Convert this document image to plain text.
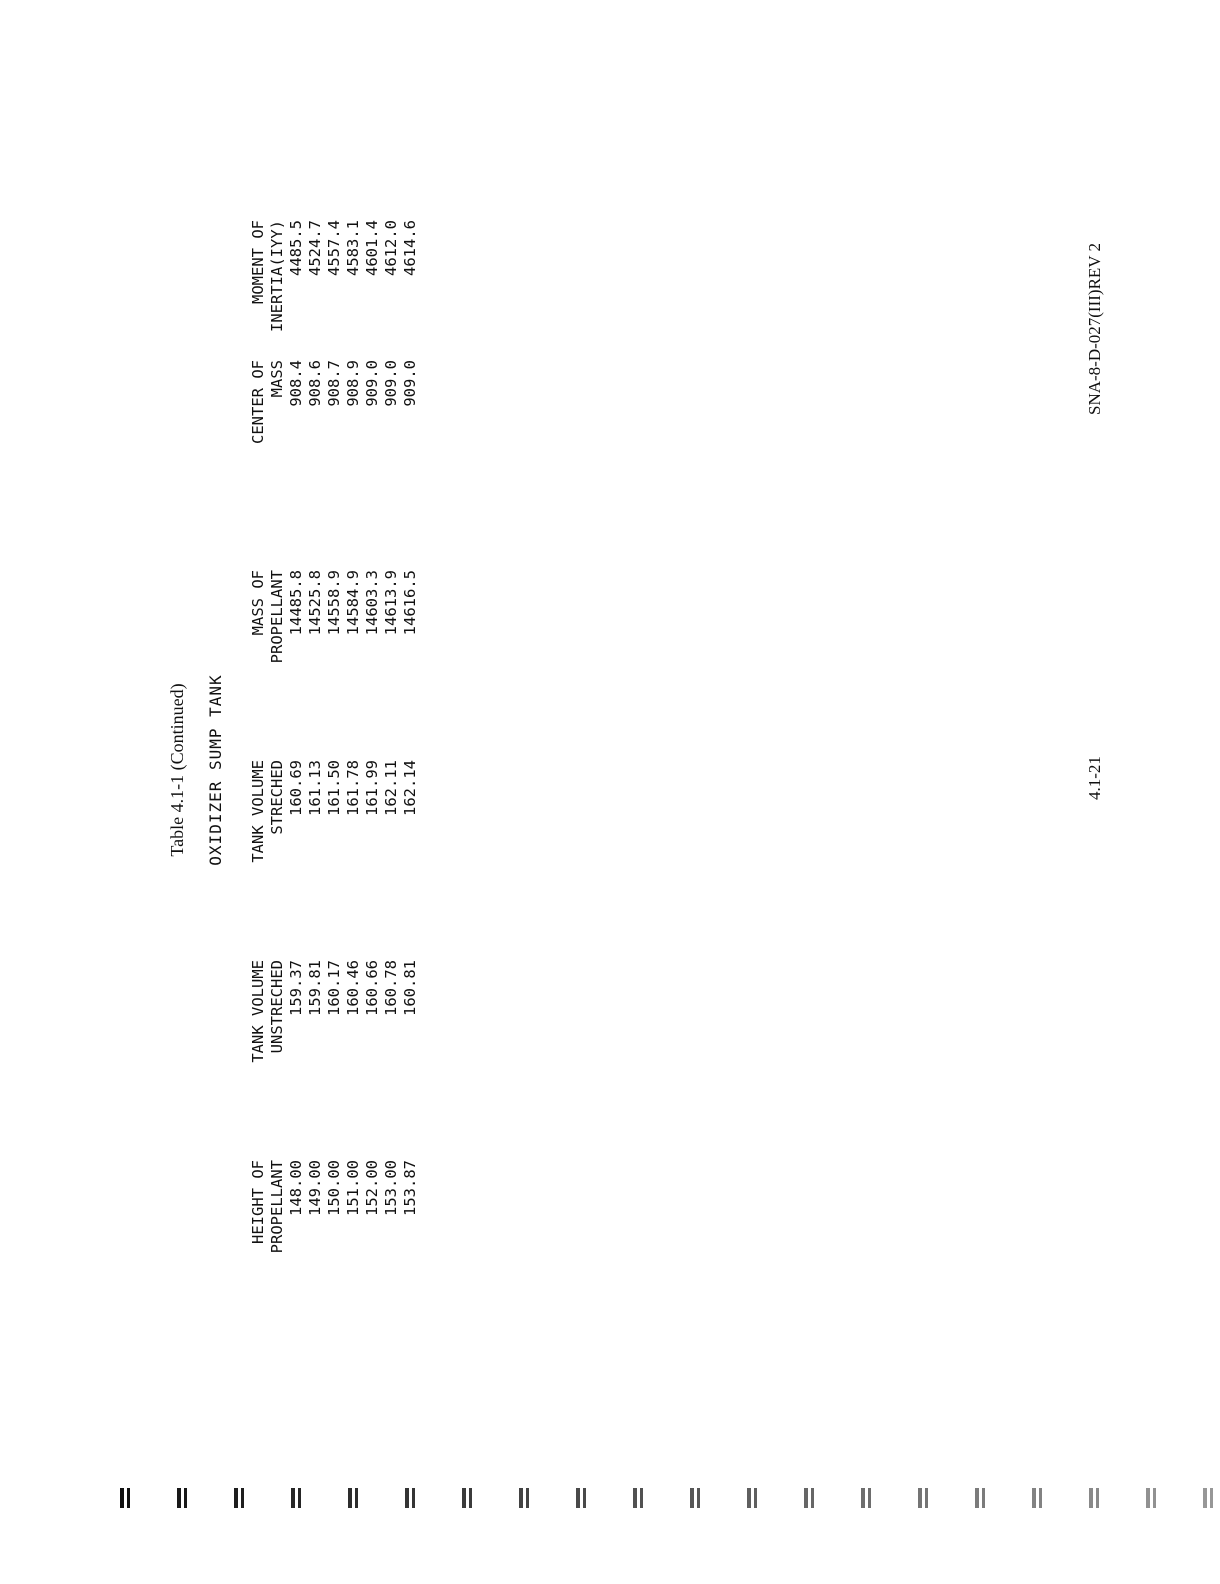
Table 4.1-1 (Continued) OXIDIZER SUMP TANK
HEIGHT OF PROPELLANT 148.00 149.00 150.00 151.00 152.00 153.00 153.87
TANK VOLUME UNSTRECHED 159.37 159.81 160.17 160.46 160.66 160.78 160.81
TANK VOLUME STRECHED 160.69 161.13 161.50 161.78 161.99 162.11 162.14
MASS OF PROPELLANT 14485.8 14525.8 14558.9 14584.9 14603.3 14613.9 14616.5
CENTER OF MASS 908.4 908.6 908.7 908.9 909.0 909.0 909.0
MOMENT OF INERTIA(IYY) 4485.5 4524.7 4557.4 4583.1 4601.4 4612.0 4614.6
4.1-21
SNA-8-D-027(III)REV 2
